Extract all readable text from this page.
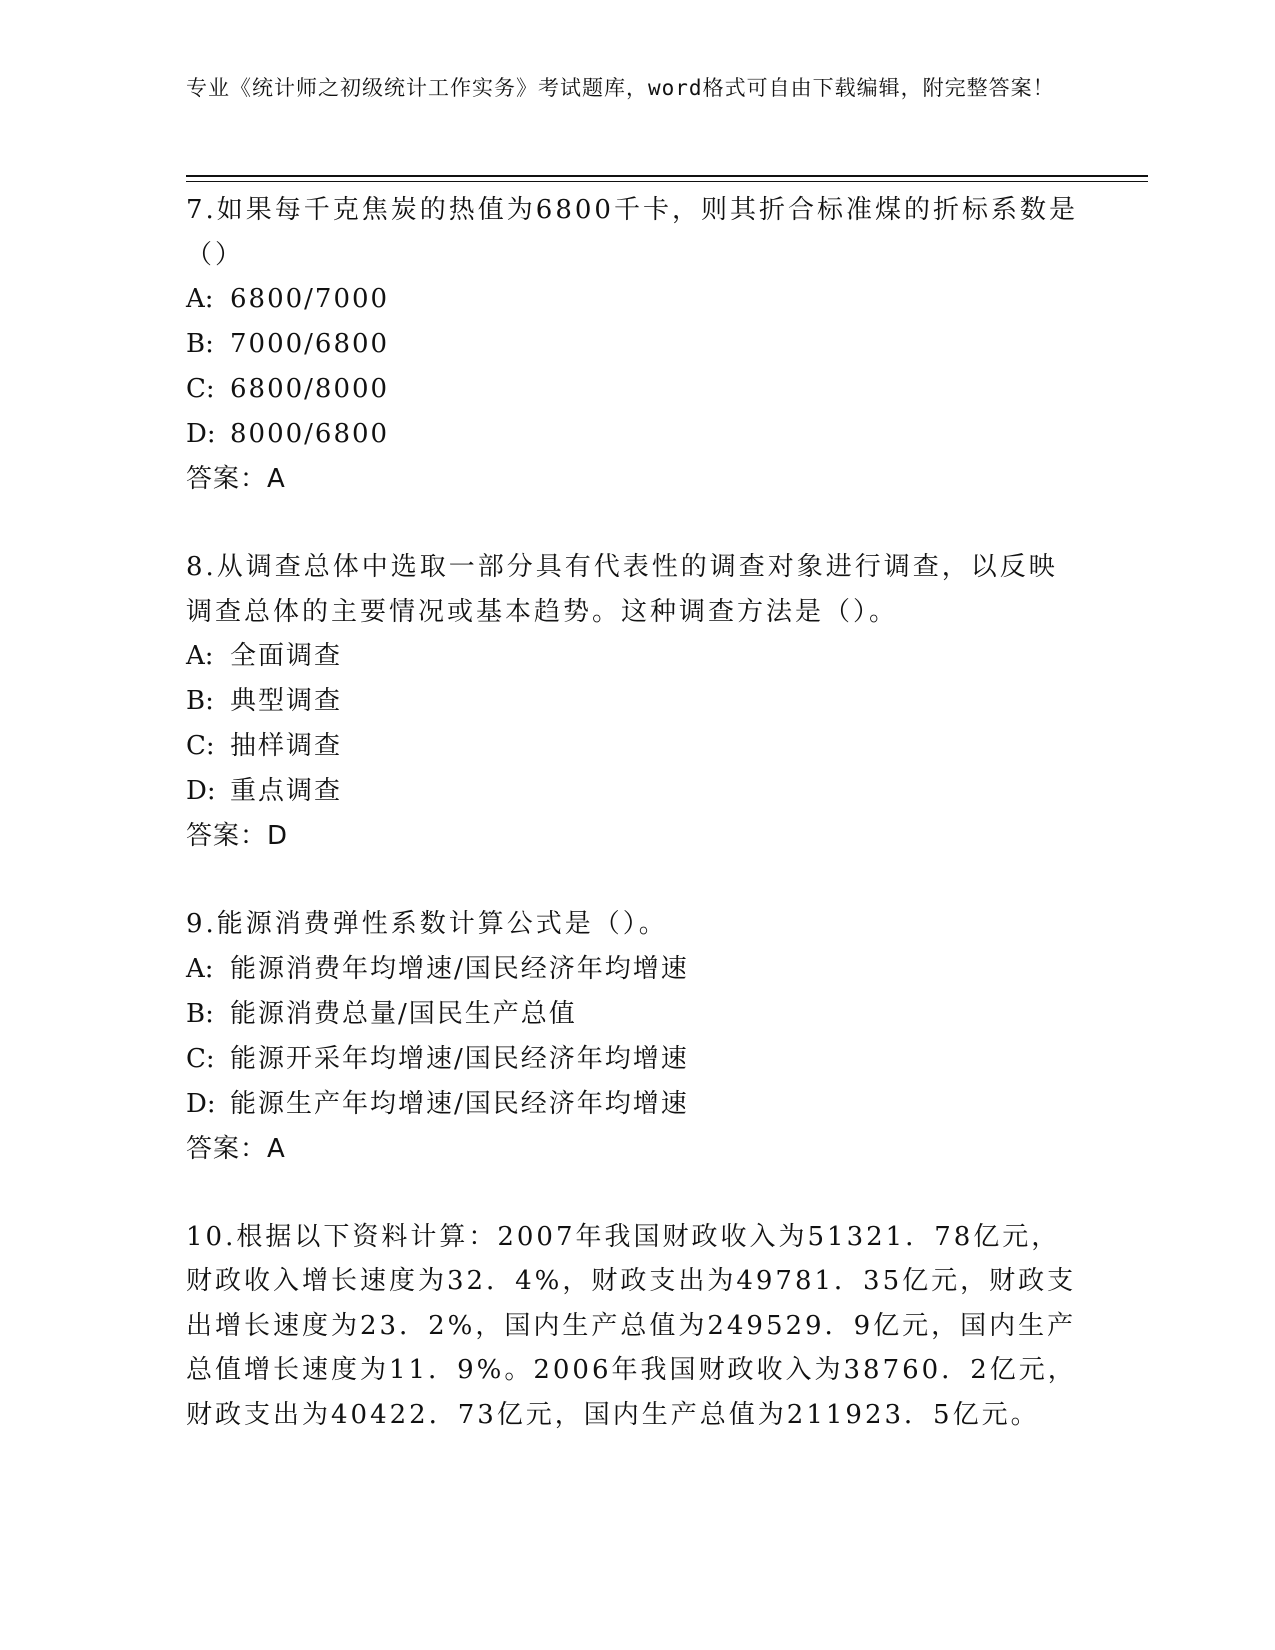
专业《统计师之初级统计工作实务》考试题库，word格式可自由下载编辑，附完整答案！
7.如果每千克焦炭的热值为6800千卡，则其折合标准煤的折标系数是（）
A: 6800/7000
B: 7000/6800
C: 6800/8000
D: 8000/6800
答案：A
8.从调查总体中选取一部分具有代表性的调查对象进行调查，以反映调查总体的主要情况或基本趋势。这种调查方法是（）。
A: 全面调查
B: 典型调查
C: 抽样调查
D: 重点调查
答案：D
9.能源消费弹性系数计算公式是（）。
A: 能源消费年均增速/国民经济年均增速
B: 能源消费总量/国民生产总值
C: 能源开采年均增速/国民经济年均增速
D: 能源生产年均增速/国民经济年均增速
答案：A
10.根据以下资料计算：2007年我国财政收入为51321．78亿元，财政收入增长速度为32．4%，财政支出为49781．35亿元，财政支出增长速度为23．2%，国内生产总值为249529．9亿元，国内生产总值增长速度为11．9%。2006年我国财政收入为38760．2亿元，财政支出为40422．73亿元，国内生产总值为211923．5亿元。
